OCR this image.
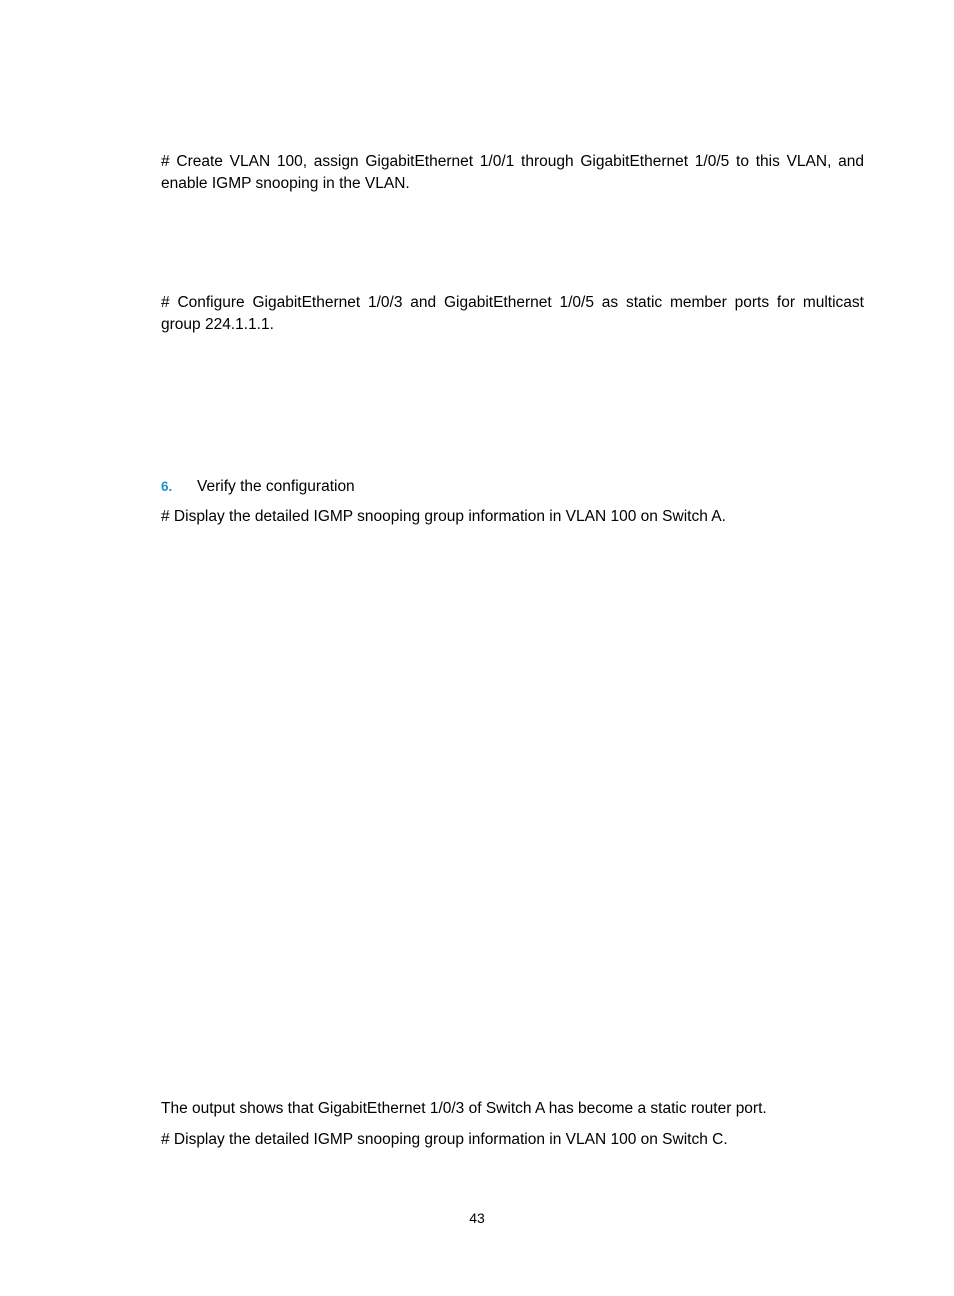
# Create VLAN 100, assign GigabitEthernet 1/0/1 through GigabitEthernet 1/0/5 to this VLAN, and enable IGMP snooping in the VLAN.

# Configure GigabitEthernet 1/0/3 and GigabitEthernet 1/0/5 as static member ports for multicast group 224.1.1.1.

6. Verify the configuration

# Display the detailed IGMP snooping group information in VLAN 100 on Switch A.

The output shows that GigabitEthernet 1/0/3 of Switch A has become a static router port.

# Display the detailed IGMP snooping group information in VLAN 100 on Switch C.

43
